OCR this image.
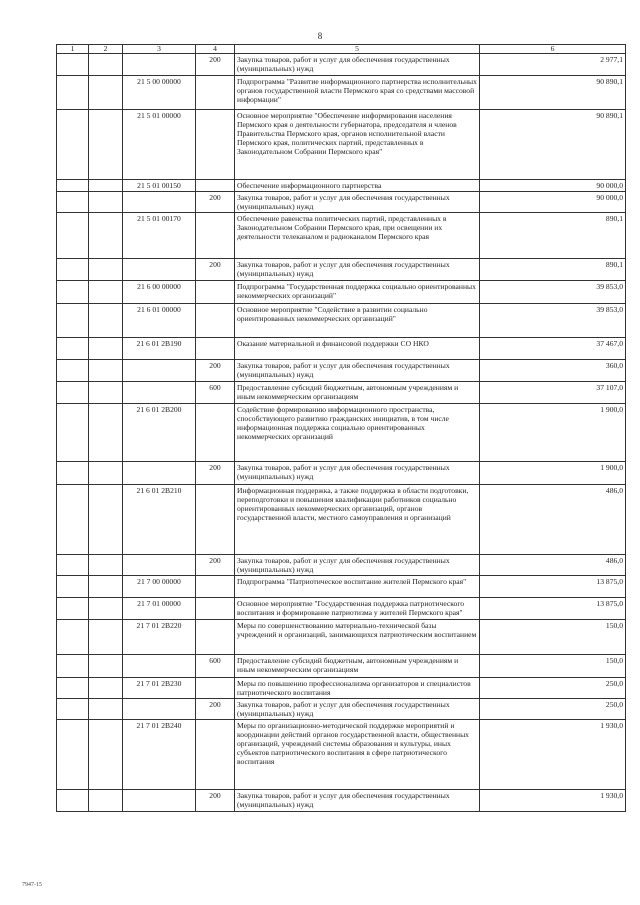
8
1	2	3	4	5	6
			200	Закупка товаров, работ и услуг для обеспечения государственных (муниципальных) нужд	2 977,1
		21 5 00 00000		Подпрограмма "Развитие информационного партнерства исполнительных органов государственной власти Пермского края со средствами массовой информации"	90 890,1
		21 5 01 00000		Основное мероприятие "Обеспечение информирования населения Пермского края о деятельности губернатора, председателя и членов Правительства Пермского края, органов исполнительной власти Пермского края, политических партий, представленных в Законодательном Собрании Пермского края"	90 890,1
		21 5 01 00150		Обеспечение информационного партнерства	90 000,0
			200	Закупка товаров, работ и услуг для обеспечения государственных (муниципальных) нужд	90 000,0
		21 5 01 00170		Обеспечение равенства политических партий, представленных в Законодательном Собрании Пермского края, при освещении их деятельности телеканалом и радиоканалом Пермского края	890,1
			200	Закупка товаров, работ и услуг для обеспечения государственных (муниципальных) нужд	890,1
		21 6 00 00000		Подпрограмма "Государственная поддержка социально ориентированных некоммерческих организаций"	39 853,0
		21 6 01 00000		Основное мероприятие "Содействие в развитии социально ориентированных некоммерческих организаций"	39 853,0
		21 6 01 2В190		Оказание материальной и финансовой поддержки СО НКО	37 467,0
			200	Закупка товаров, работ и услуг для обеспечения государственных (муниципальных) нужд	360,0
			600	Предоставление субсидий бюджетным, автономным учреждениям и иным некоммерческим организациям	37 107,0
		21 6 01 2В200		Содействие формированию информационного пространства, способствующего развитию гражданских инициатив, в том числе информационная поддержка социально ориентированных некоммерческих организаций	1 900,0
			200	Закупка товаров, работ и услуг для обеспечения государственных (муниципальных) нужд	1 900,0
		21 6 01 2В210		Информационная поддержка, а также поддержка в области подготовки, переподготовки и повышения квалификации работников социально ориентированных некоммерческих организаций, органов государственной власти, местного самоуправления и организаций	486,0
			200	Закупка товаров, работ и услуг для обеспечения государственных (муниципальных) нужд	486,0
		21 7 00 00000		Подпрограмма "Патриотическое воспитание жителей Пермского края"	13 875,0
		21 7 01 00000		Основное мероприятие "Государственная поддержка патриотического воспитания и формирование патриотизма у жителей Пермского края"	13 875,0
		21 7 01 2В220		Меры по совершенствованию материально-технической базы учреждений и организаций, занимающихся патриотическим воспитанием	150,0
			600	Предоставление субсидий бюджетным, автономным учреждениям и иным некоммерческим организациям	150,0
		21 7 01 2В230		Меры по повышению профессионализма организаторов и специалистов патриотического воспитания	250,0
			200	Закупка товаров, работ и услуг для обеспечения государственных (муниципальных) нужд	250,0
		21 7 01 2В240		Меры по организационно-методической поддержке мероприятий и координации действий органов государственной власти, общественных организаций, учреждений системы образования и культуры, иных субъектов патриотического воспитания в сфере патриотического воспитания	1 930,0
			200	Закупка товаров, работ и услуг для обеспечения государственных (муниципальных) нужд	1 930,0
7947-15
